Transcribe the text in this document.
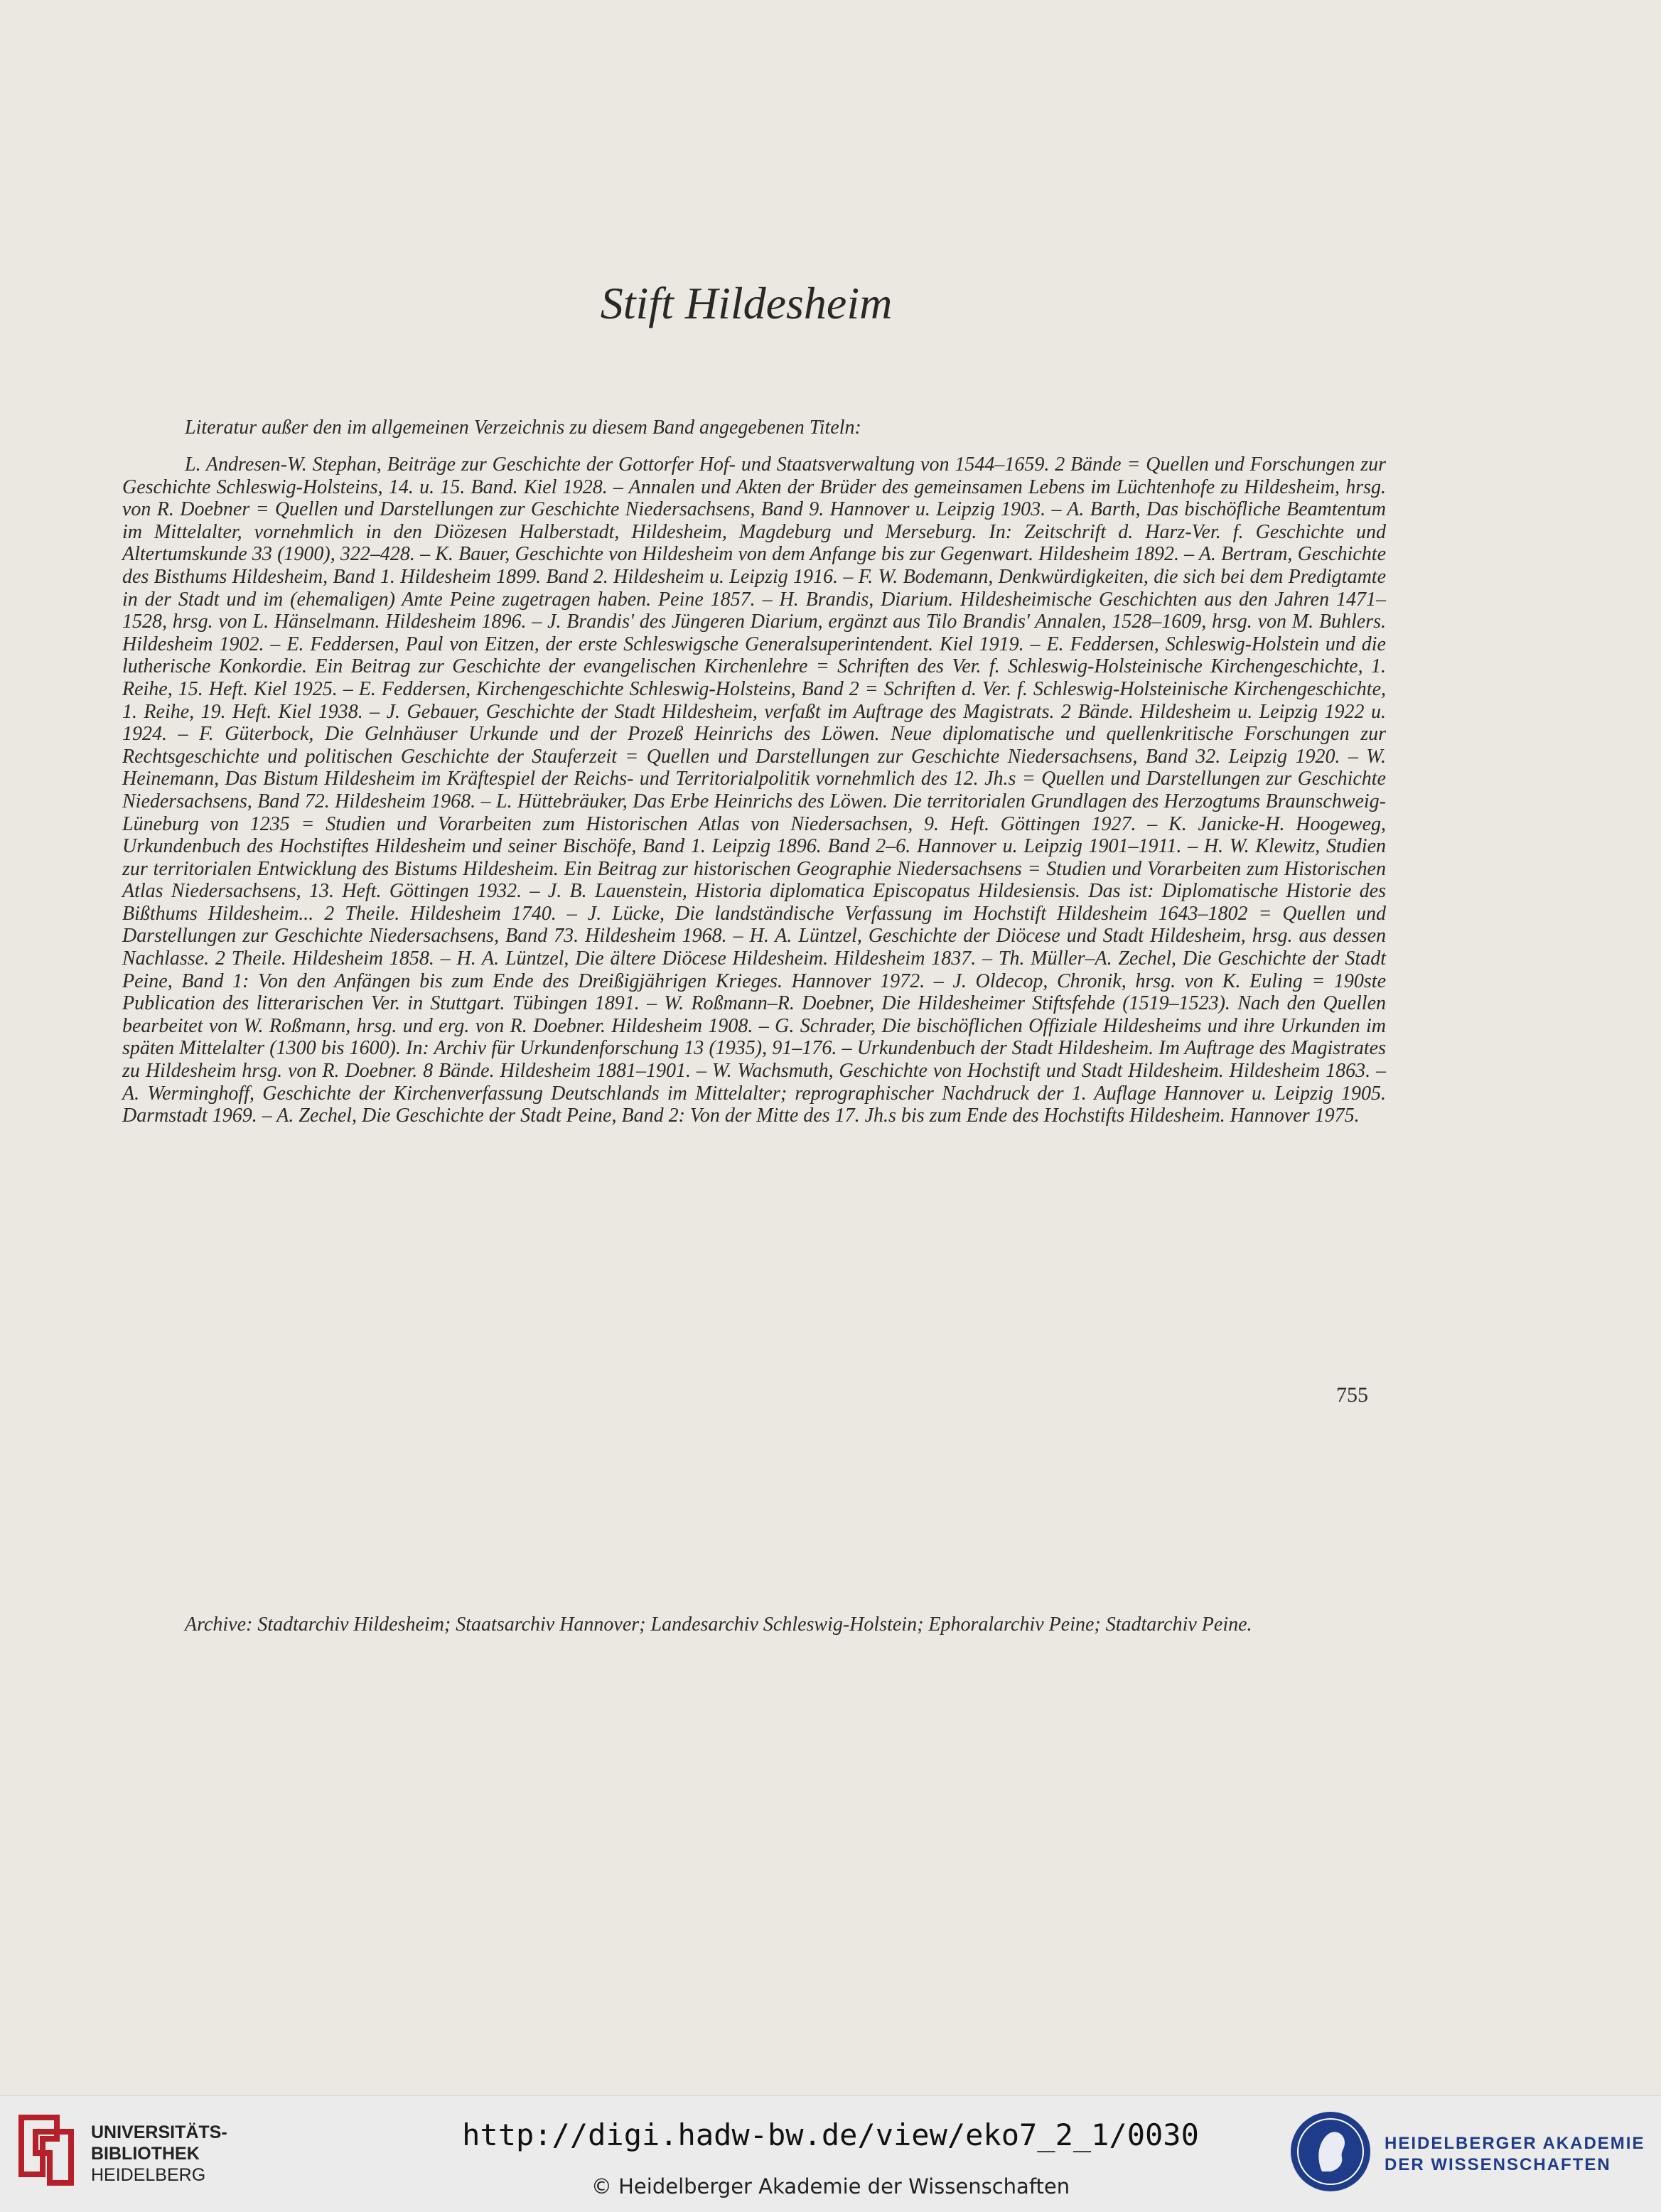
Stift Hildesheim
Literatur außer den im allgemeinen Verzeichnis zu diesem Band angegebenen Titeln:
L. Andresen-W. Stephan, Beiträge zur Geschichte der Gottorfer Hof- und Staatsverwaltung von 1544–1659. 2 Bände = Quellen und Forschungen zur Geschichte Schleswig-Holsteins, 14. u. 15. Band. Kiel 1928. – Annalen und Akten der Brüder des gemeinsamen Lebens im Lüchtenhofe zu Hildesheim, hrsg. von R. Doebner = Quellen und Darstellungen zur Geschichte Niedersachsens, Band 9. Hannover u. Leipzig 1903. – A. Barth, Das bischöfliche Beamtentum im Mittelalter, vornehmlich in den Diözesen Halberstadt, Hildesheim, Magdeburg und Merseburg. In: Zeitschrift d. Harz-Ver. f. Geschichte und Altertumskunde 33 (1900), 322–428. – K. Bauer, Geschichte von Hildesheim von dem Anfange bis zur Gegenwart. Hildesheim 1892. – A. Bertram, Geschichte des Bisthums Hildesheim, Band 1. Hildesheim 1899. Band 2. Hildesheim u. Leipzig 1916. – F. W. Bodemann, Denkwürdigkeiten, die sich bei dem Predigtamte in der Stadt und im (ehemaligen) Amte Peine zugetragen haben. Peine 1857. – H. Brandis, Diarium. Hildesheimische Geschichten aus den Jahren 1471–1528, hrsg. von L. Hänselmann. Hildesheim 1896. – J. Brandis' des Jüngeren Diarium, ergänzt aus Tilo Brandis' Annalen, 1528–1609, hrsg. von M. Buhlers. Hildesheim 1902. – E. Feddersen, Paul von Eitzen, der erste Schleswigsche Generalsuperintendent. Kiel 1919. – E. Feddersen, Schleswig-Holstein und die lutherische Konkordie. Ein Beitrag zur Geschichte der evangelischen Kirchenlehre = Schriften des Ver. f. Schleswig-Holsteinische Kirchengeschichte, 1. Reihe, 15. Heft. Kiel 1925. – E. Feddersen, Kirchengeschichte Schleswig-Holsteins, Band 2 = Schriften d. Ver. f. Schleswig-Holsteinische Kirchengeschichte, 1. Reihe, 19. Heft. Kiel 1938. – J. Gebauer, Geschichte der Stadt Hildesheim, verfaßt im Auftrage des Magistrats. 2 Bände. Hildesheim u. Leipzig 1922 u. 1924. – F. Güterbock, Die Gelnhäuser Urkunde und der Prozeß Heinrichs des Löwen. Neue diplomatische und quellenkritische Forschungen zur Rechtsgeschichte und politischen Geschichte der Stauferzeit = Quellen und Darstellungen zur Geschichte Niedersachsens, Band 32. Leipzig 1920. – W. Heinemann, Das Bistum Hildesheim im Kräftespiel der Reichs- und Territorialpolitik vornehmlich des 12. Jh.s = Quellen und Darstellungen zur Geschichte Niedersachsens, Band 72. Hildesheim 1968. – L. Hüttebräuker, Das Erbe Heinrichs des Löwen. Die territorialen Grundlagen des Herzogtums Braunschweig-Lüneburg von 1235 = Studien und Vorarbeiten zum Historischen Atlas von Niedersachsen, 9. Heft. Göttingen 1927. – K. Janicke-H. Hoogeweg, Urkundenbuch des Hochstiftes Hildesheim und seiner Bischöfe, Band 1. Leipzig 1896. Band 2–6. Hannover u. Leipzig 1901–1911. – H. W. Klewitz, Studien zur territorialen Entwicklung des Bistums Hildesheim. Ein Beitrag zur historischen Geographie Niedersachsens = Studien und Vorarbeiten zum Historischen Atlas Niedersachsens, 13. Heft. Göttingen 1932. – J. B. Lauenstein, Historia diplomatica Episcopatus Hildesiensis. Das ist: Diplomatische Historie des Bißthums Hildesheim... 2 Theile. Hildesheim 1740. – J. Lücke, Die landständische Verfassung im Hochstift Hildesheim 1643–1802 = Quellen und Darstellungen zur Geschichte Niedersachsens, Band 73. Hildesheim 1968. – H. A. Lüntzel, Geschichte der Diöcese und Stadt Hildesheim, hrsg. aus dessen Nachlasse. 2 Theile. Hildesheim 1858. – H. A. Lüntzel, Die ältere Diöcese Hildesheim. Hildesheim 1837. – Th. Müller–A. Zechel, Die Geschichte der Stadt Peine, Band 1: Von den Anfängen bis zum Ende des Dreißigjährigen Krieges. Hannover 1972. – J. Oldecop, Chronik, hrsg. von K. Euling = 190ste Publication des litterarischen Ver. in Stuttgart. Tübingen 1891. – W. Roßmann–R. Doebner, Die Hildesheimer Stiftsfehde (1519–1523). Nach den Quellen bearbeitet von W. Roßmann, hrsg. und erg. von R. Doebner. Hildesheim 1908. – G. Schrader, Die bischöflichen Offiziale Hildesheims und ihre Urkunden im späten Mittelalter (1300 bis 1600). In: Archiv für Urkundenforschung 13 (1935), 91–176. – Urkundenbuch der Stadt Hildesheim. Im Auftrage des Magistrates zu Hildesheim hrsg. von R. Doebner. 8 Bände. Hildesheim 1881–1901. – W. Wachsmuth, Geschichte von Hochstift und Stadt Hildesheim. Hildesheim 1863. – A. Werminghoff, Geschichte der Kirchenverfassung Deutschlands im Mittelalter; reprographischer Nachdruck der 1. Auflage Hannover u. Leipzig 1905. Darmstadt 1969. – A. Zechel, Die Geschichte der Stadt Peine, Band 2: Von der Mitte des 17. Jh.s bis zum Ende des Hochstifts Hildesheim. Hannover 1975.
Archive: Stadtarchiv Hildesheim; Staatsarchiv Hannover; Landesarchiv Schleswig-Holstein; Ephoralarchiv Peine; Stadtarchiv Peine.
755
UNIVERSITÄTS-
BIBLIOTHEK
HEIDELBERG
http://digi.hadw-bw.de/view/eko7_2_1/0030
© Heidelberger Akademie der Wissenschaften
HEIDELBERGER AKADEMIE
DER WISSENSCHAFTEN
